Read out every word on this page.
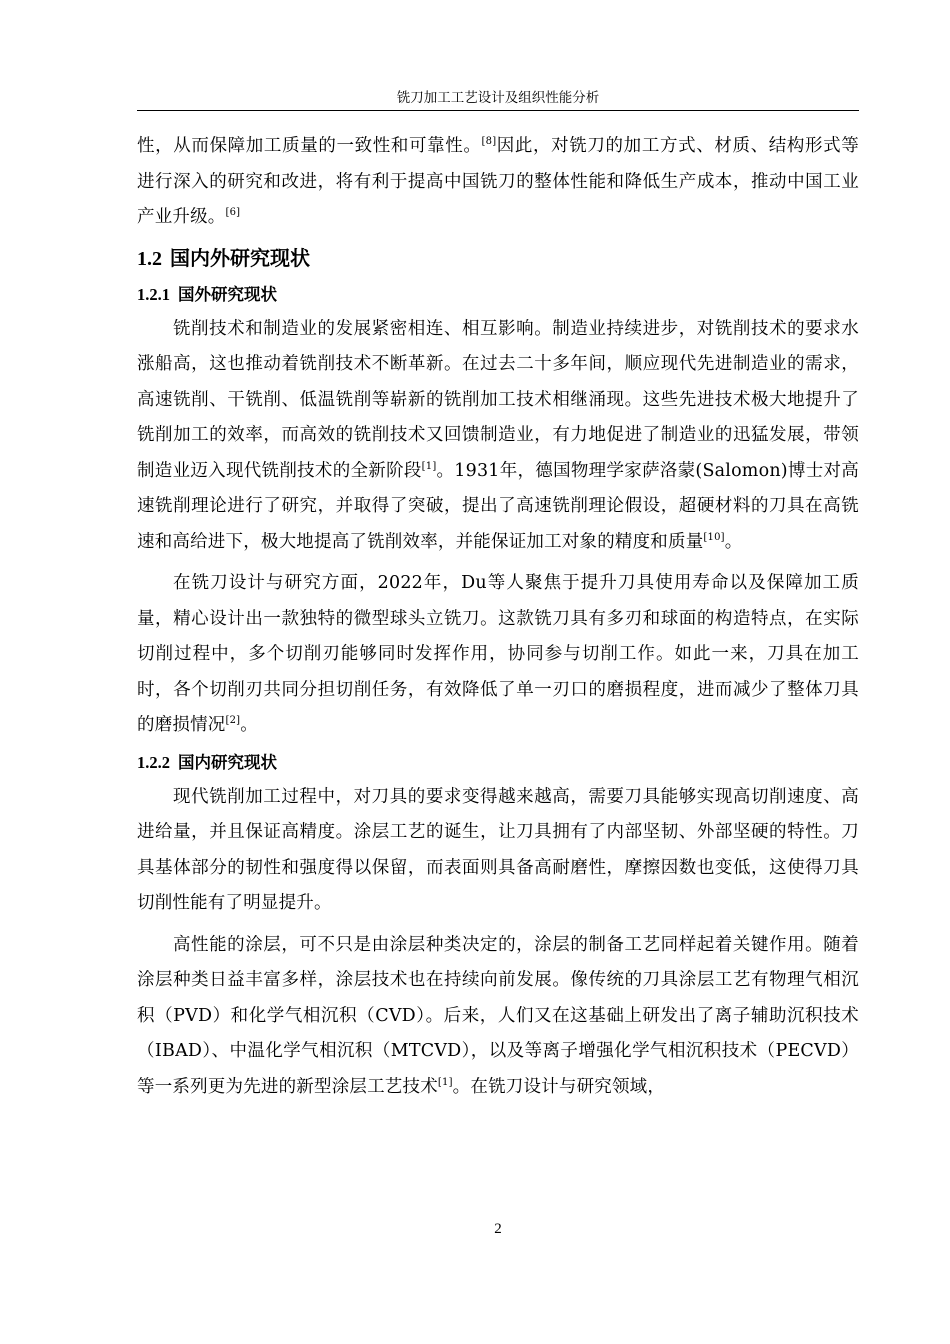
铣刀加工工艺设计及组织性能分析

性，从而保障加工质量的一致性和可靠性。[8]因此，对铣刀的加工方式、材质、结构形式等进行深入的研究和改进，将有利于提高中国铣刀的整体性能和降低生产成本，推动中国工业产业升级。[6]

1.2 国内外研究现状
1.2.1 国外研究现状

铣削技术和制造业的发展紧密相连、相互影响。制造业持续进步，对铣削技术的要求水涨船高，这也推动着铣削技术不断革新。在过去二十多年间，顺应现代先进制造业的需求，高速铣削、干铣削、低温铣削等崭新的铣削加工技术相继涌现。这些先进技术极大地提升了铣削加工的效率，而高效的铣削技术又回馈制造业，有力地促进了制造业的迅猛发展，带领制造业迈入现代铣削技术的全新阶段[1]。1931年，德国物理学家萨洛蒙(Salomon)博士对高速铣削理论进行了研究，并取得了突破，提出了高速铣削理论假设，超硬材料的刀具在高铣速和高给进下，极大地提高了铣削效率，并能保证加工对象的精度和质量[10]。

在铣刀设计与研究方面，2022年，Du等人聚焦于提升刀具使用寿命以及保障加工质量，精心设计出一款独特的微型球头立铣刀。这款铣刀具有多刃和球面的构造特点，在实际切削过程中，多个切削刃能够同时发挥作用，协同参与切削工作。如此一来，刀具在加工时，各个切削刃共同分担切削任务，有效降低了单一刃口的磨损程度，进而减少了整体刀具的磨损情况[2]。

1.2.2 国内研究现状

现代铣削加工过程中，对刀具的要求变得越来越高，需要刀具能够实现高切削速度、高进给量，并且保证高精度。涂层工艺的诞生，让刀具拥有了内部坚韧、外部坚硬的特性。刀具基体部分的韧性和强度得以保留，而表面则具备高耐磨性，摩擦因数也变低，这使得刀具切削性能有了明显提升。

高性能的涂层，可不只是由涂层种类决定的，涂层的制备工艺同样起着关键作用。随着涂层种类日益丰富多样，涂层技术也在持续向前发展。像传统的刀具涂层工艺有物理气相沉积（PVD）和化学气相沉积（CVD）。后来，人们又在这基础上研发出了离子辅助沉积技术（IBAD）、中温化学气相沉积（MTCVD），以及等离子增强化学气相沉积技术（PECVD）等一系列更为先进的新型涂层工艺技术[1]。在铣刀设计与研究领域，

2
